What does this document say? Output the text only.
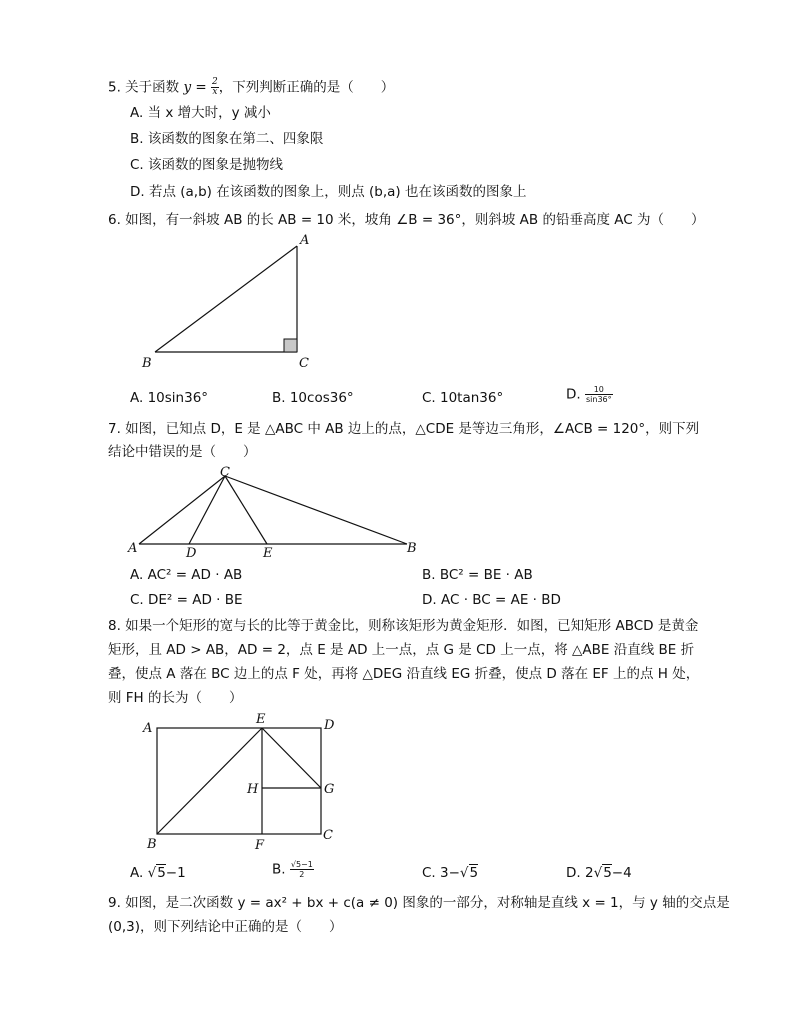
5. 关于函数 $y = \frac{2}{x}$ ，下列判断正确的是（　　）
A. 当 x 增大时，y 减小
B. 该函数的图象在第二、四象限
C. 该函数的图象是抛物线
D. 若点 (a,b) 在该函数的图象上，则点 (b,a) 也在该函数的图象上
6. 如图，有一斜坡 AB 的长 AB = 10 米，坡角 ∠B = 36°，则斜坡 AB 的铅垂高度 AC 为（　　）
A
B	C
A. 10sin36°	B. 10cos36°	C. 10tan36°	D. $\frac{10}{\sin 36^\circ}$
7. 如图，已知点 D，E 是 △ABC 中 AB 边上的点，△CDE 是等边三角形，∠ACB = 120°，则下列
结论中错误的是（　　）
C
A	D	E	B
A. AC² = AD · AB	B. BC² = BE · AB
C. DE² = AD · BE	D. AC · BC = AE · BD
8. 如果一个矩形的宽与长的比等于黄金比，则称该矩形为黄金矩形．如图，已知矩形 ABCD 是黄金
矩形，且 AD > AB，AD = 2，点 E 是 AD 上一点，点 G 是 CD 上一点，将 △ABE 沿直线 BE 折
叠，使点 A 落在 BC 边上的点 F 处，再将 △DEG 沿直线 EG 折叠，使点 D 落在 EF 上的点 H 处，
则 FH 的长为（　　）
A
E	D
H	G
B	F
C
A. √5−1	B. $\frac{√5-1}{2}$	C. 3−√5	D. 2√5−4
9. 如图，是二次函数 y = ax² + bx + c(a ≠ 0) 图象的一部分，对称轴是直线 x = 1，与 y 轴的交点是
(0,3)，则下列结论中正确的是（　　）
